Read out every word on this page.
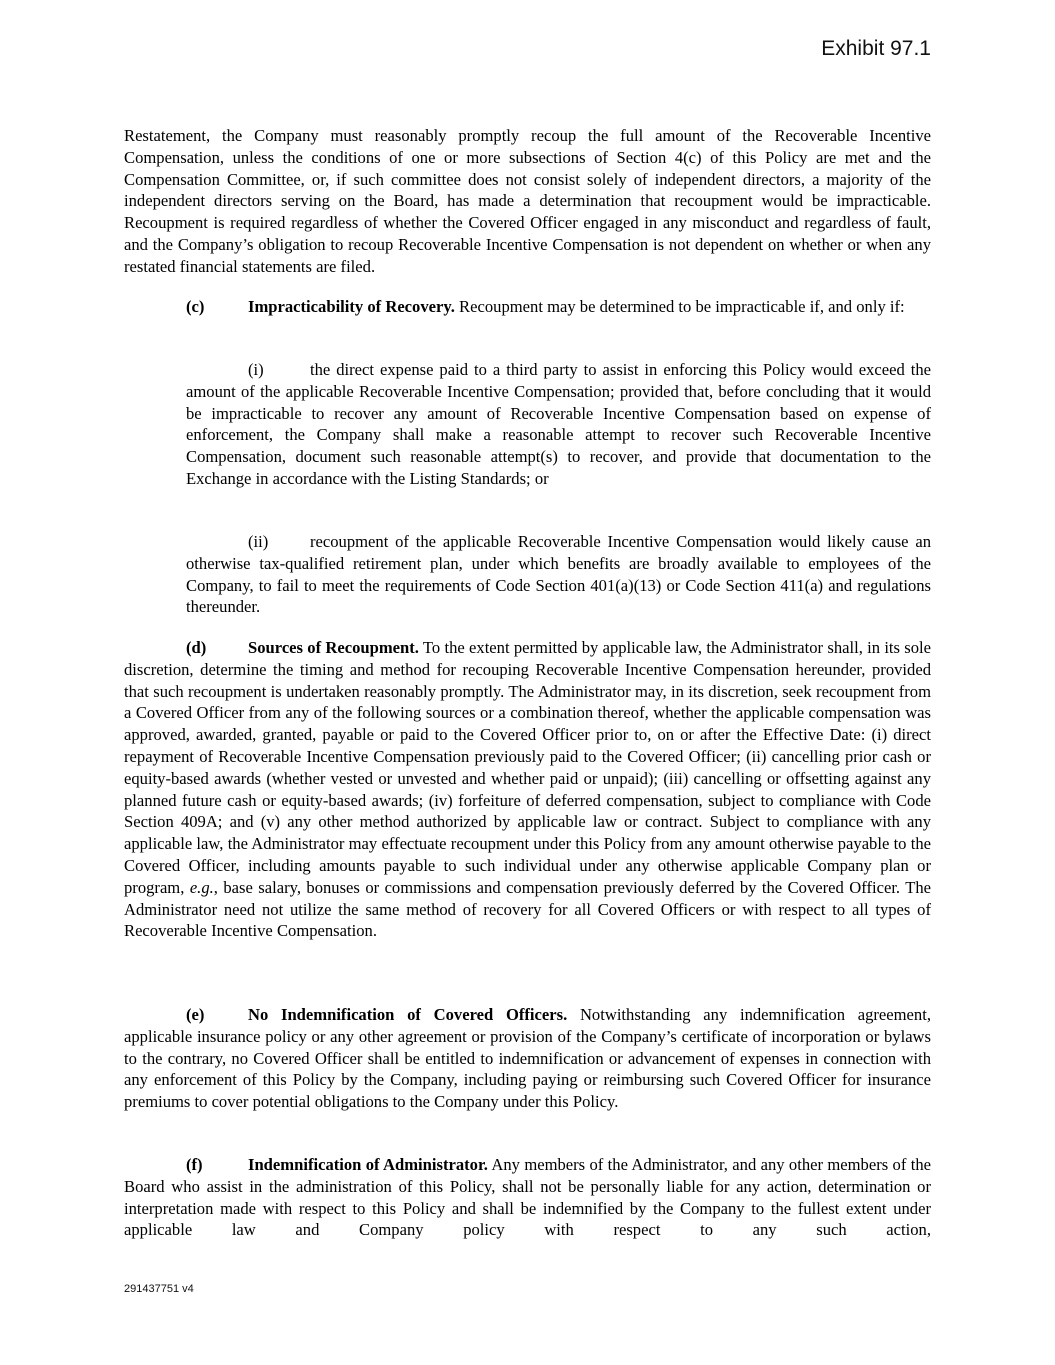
Exhibit 97.1

Restatement, the Company must reasonably promptly recoup the full amount of the Recoverable Incentive Compensation, unless the conditions of one or more subsections of Section 4(c) of this Policy are met and the Compensation Committee, or, if such committee does not consist solely of independent directors, a majority of the independent directors serving on the Board, has made a determination that recoupment would be impracticable. Recoupment is required regardless of whether the Covered Officer engaged in any misconduct and regardless of fault, and the Company’s obligation to recoup Recoverable Incentive Compensation is not dependent on whether or when any restated financial statements are filed.

(c)	Impracticability of Recovery. Recoupment may be determined to be impracticable if, and only if:

(i)	the direct expense paid to a third party to assist in enforcing this Policy would exceed the amount of the applicable Recoverable Incentive Compensation; provided that, before concluding that it would be impracticable to recover any amount of Recoverable Incentive Compensation based on expense of enforcement, the Company shall make a reasonable attempt to recover such Recoverable Incentive Compensation, document such reasonable attempt(s) to recover, and provide that documentation to the Exchange in accordance with the Listing Standards; or

(ii)	recoupment of the applicable Recoverable Incentive Compensation would likely cause an otherwise tax-qualified retirement plan, under which benefits are broadly available to employees of the Company, to fail to meet the requirements of Code Section 401(a)(13) or Code Section 411(a) and regulations thereunder.

(d)	Sources of Recoupment. To the extent permitted by applicable law, the Administrator shall, in its sole discretion, determine the timing and method for recouping Recoverable Incentive Compensation hereunder, provided that such recoupment is undertaken reasonably promptly. The Administrator may, in its discretion, seek recoupment from a Covered Officer from any of the following sources or a combination thereof, whether the applicable compensation was approved, awarded, granted, payable or paid to the Covered Officer prior to, on or after the Effective Date: (i) direct repayment of Recoverable Incentive Compensation previously paid to the Covered Officer; (ii) cancelling prior cash or equity-based awards (whether vested or unvested and whether paid or unpaid); (iii) cancelling or offsetting against any planned future cash or equity-based awards; (iv) forfeiture of deferred compensation, subject to compliance with Code Section 409A; and (v) any other method authorized by applicable law or contract. Subject to compliance with any applicable law, the Administrator may effectuate recoupment under this Policy from any amount otherwise payable to the Covered Officer, including amounts payable to such individual under any otherwise applicable Company plan or program, e.g., base salary, bonuses or commissions and compensation previously deferred by the Covered Officer. The Administrator need not utilize the same method of recovery for all Covered Officers or with respect to all types of Recoverable Incentive Compensation.

(e)	No Indemnification of Covered Officers. Notwithstanding any indemnification agreement, applicable insurance policy or any other agreement or provision of the Company’s certificate of incorporation or bylaws to the contrary, no Covered Officer shall be entitled to indemnification or advancement of expenses in connection with any enforcement of this Policy by the Company, including paying or reimbursing such Covered Officer for insurance premiums to cover potential obligations to the Company under this Policy.

(f)	Indemnification of Administrator. Any members of the Administrator, and any other members of the Board who assist in the administration of this Policy, shall not be personally liable for any action, determination or interpretation made with respect to this Policy and shall be indemnified by the Company to the fullest extent under applicable law and Company policy with respect to any such action,

291437751 v4
